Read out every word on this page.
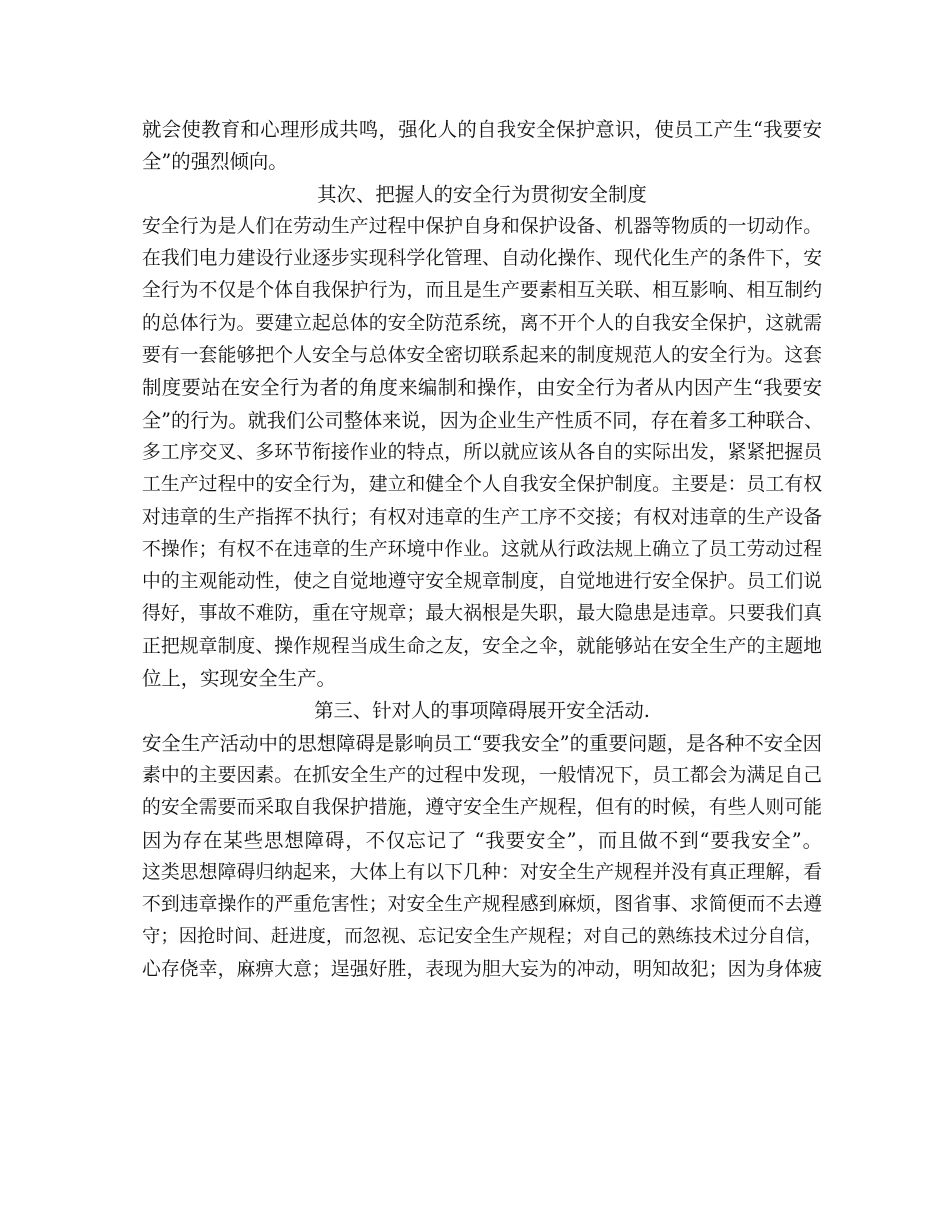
就会使教育和心理形成共鸣，强化人的自我安全保护意识，使员工产生“我要安
全”的强烈倾向。
其次、把握人的安全行为贯彻安全制度
安全行为是人们在劳动生产过程中保护自身和保护设备、机器等物质的一切动作。
在我们电力建设行业逐步实现科学化管理、自动化操作、现代化生产的条件下，安
全行为不仅是个体自我保护行为，而且是生产要素相互关联、相互影响、相互制约
的总体行为。要建立起总体的安全防范系统，离不开个人的自我安全保护，这就需
要有一套能够把个人安全与总体安全密切联系起来的制度规范人的安全行为。这套
制度要站在安全行为者的角度来编制和操作，由安全行为者从内因产生“我要安
全”的行为。就我们公司整体来说，因为企业生产性质不同，存在着多工种联合、
多工序交叉、多环节衔接作业的特点，所以就应该从各自的实际出发，紧紧把握员
工生产过程中的安全行为，建立和健全个人自我安全保护制度。主要是：员工有权
对违章的生产指挥不执行；有权对违章的生产工序不交接；有权对违章的生产设备
不操作；有权不在违章的生产环境中作业。这就从行政法规上确立了员工劳动过程
中的主观能动性，使之自觉地遵守安全规章制度，自觉地进行安全保护。员工们说
得好，事故不难防，重在守规章；最大祸根是失职，最大隐患是违章。只要我们真
正把规章制度、操作规程当成生命之友，安全之伞，就能够站在安全生产的主题地
位上，实现安全生产。
第三、针对人的事项障碍展开安全活动.
安全生产活动中的思想障碍是影响员工“要我安全”的重要问题，是各种不安全因
素中的主要因素。在抓安全生产的过程中发现，一般情况下，员工都会为满足自己
的安全需要而采取自我保护措施，遵守安全生产规程，但有的时候，有些人则可能
因为存在某些思想障碍，不仅忘记了 “我要安全”，而且做不到“要我安全”。
这类思想障碍归纳起来，大体上有以下几种：对安全生产规程并没有真正理解，看
不到违章操作的严重危害性；对安全生产规程感到麻烦，图省事、求简便而不去遵
守；因抢时间、赶进度，而忽视、忘记安全生产规程；对自己的熟练技术过分自信，
心存侥幸，麻痹大意；逞强好胜，表现为胆大妄为的冲动，明知故犯；因为身体疲
